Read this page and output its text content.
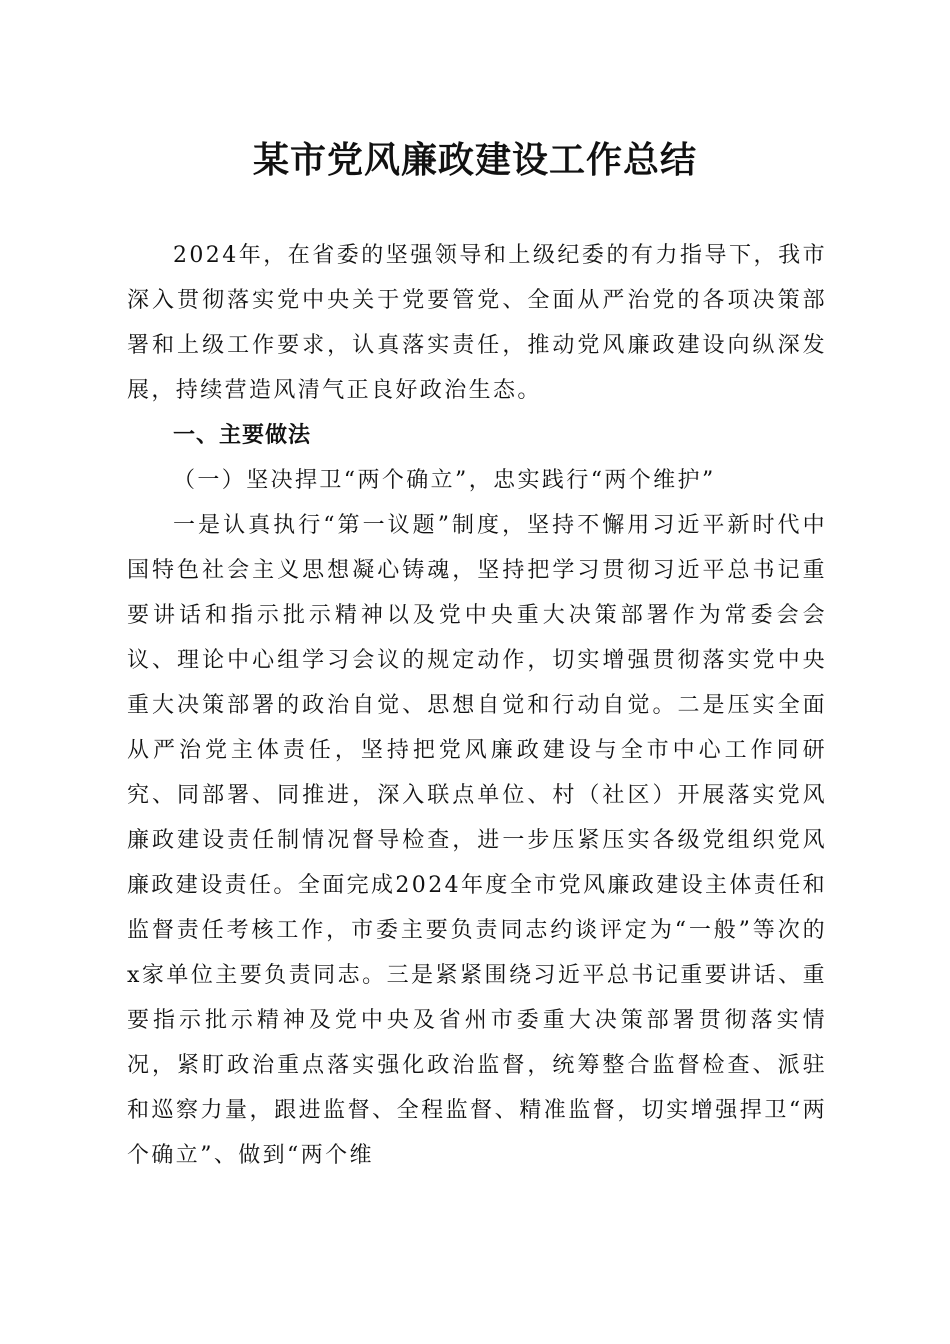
某市党风廉政建设工作总结

2024年，在省委的坚强领导和上级纪委的有力指导下，我市深入贯彻落实党中央关于党要管党、全面从严治党的各项决策部署和上级工作要求，认真落实责任，推动党风廉政建设向纵深发展，持续营造风清气正良好政治生态。

一、主要做法

（一）坚决捍卫“两个确立”，忠实践行“两个维护”

一是认真执行“第一议题”制度，坚持不懈用习近平新时代中国特色社会主义思想凝心铸魂，坚持把学习贯彻习近平总书记重要讲话和指示批示精神以及党中央重大决策部署作为常委会会议、理论中心组学习会议的规定动作，切实增强贯彻落实党中央重大决策部署的政治自觉、思想自觉和行动自觉。二是压实全面从严治党主体责任，坚持把党风廉政建设与全市中心工作同研究、同部署、同推进，深入联点单位、村（社区）开展落实党风廉政建设责任制情况督导检查，进一步压紧压实各级党组织党风廉政建设责任。全面完成2024年度全市党风廉政建设主体责任和监督责任考核工作，市委主要负责同志约谈评定为“一般”等次的x家单位主要负责同志。三是紧紧围绕习近平总书记重要讲话、重要指示批示精神及党中央及省州市委重大决策部署贯彻落实情况，紧盯政治重点落实强化政治监督，统筹整合监督检查、派驻和巡察力量，跟进监督、全程监督、精准监督，切实增强捍卫“两个确立”、做到“两个维
